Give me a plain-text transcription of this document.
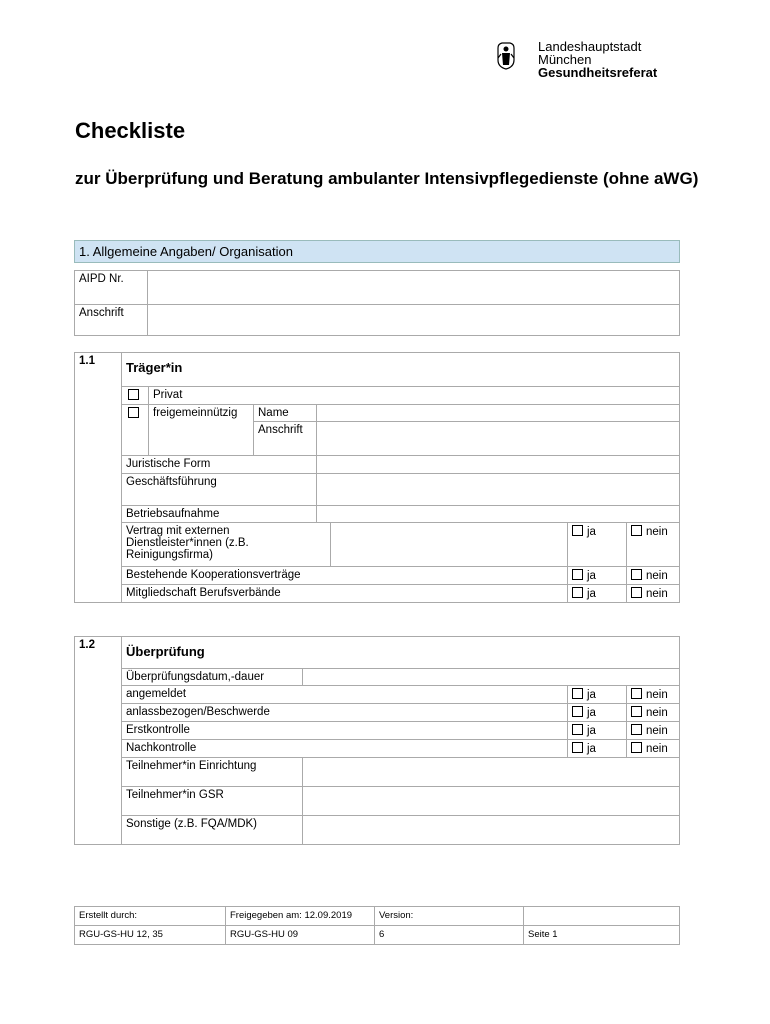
Landeshauptstadt
München
Gesundheitsreferat
Checkliste
zur Überprüfung und Beratung ambulanter Intensivpflegedienste (ohne aWG)
1. Allgemeine Angaben/ Organisation
AIPD Nr.	
Anschrift	
1.1	Träger*in						
		Privat					
		freigemeinnützig	Name				
			Anschrift				
	Juristische Form						
	Geschäftsführung						
	Betriebsaufnahme						
	Vertrag mit externen Dienstleister*innen (z.B. Reinigungsfirma)					ja	nein
	Bestehende Kooperationsverträge					ja	nein
	Mitgliedschaft Berufsverbände					ja	nein
1.2	Überprüfung			
	Überprüfungsdatum,-dauer			
	angemeldet		ja	nein
	anlassbezogen/Beschwerde		ja	nein
	Erstkontrolle		ja	nein
	Nachkontrolle		ja	nein
	Teilnehmer*in Einrichtung			
	Teilnehmer*in GSR			
	Sonstige (z.B. FQA/MDK)			
Erstellt durch:	Freigegeben am: 12.09.2019	Version:	
RGU-GS-HU 12, 35	RGU-GS-HU 09	6	Seite 1
